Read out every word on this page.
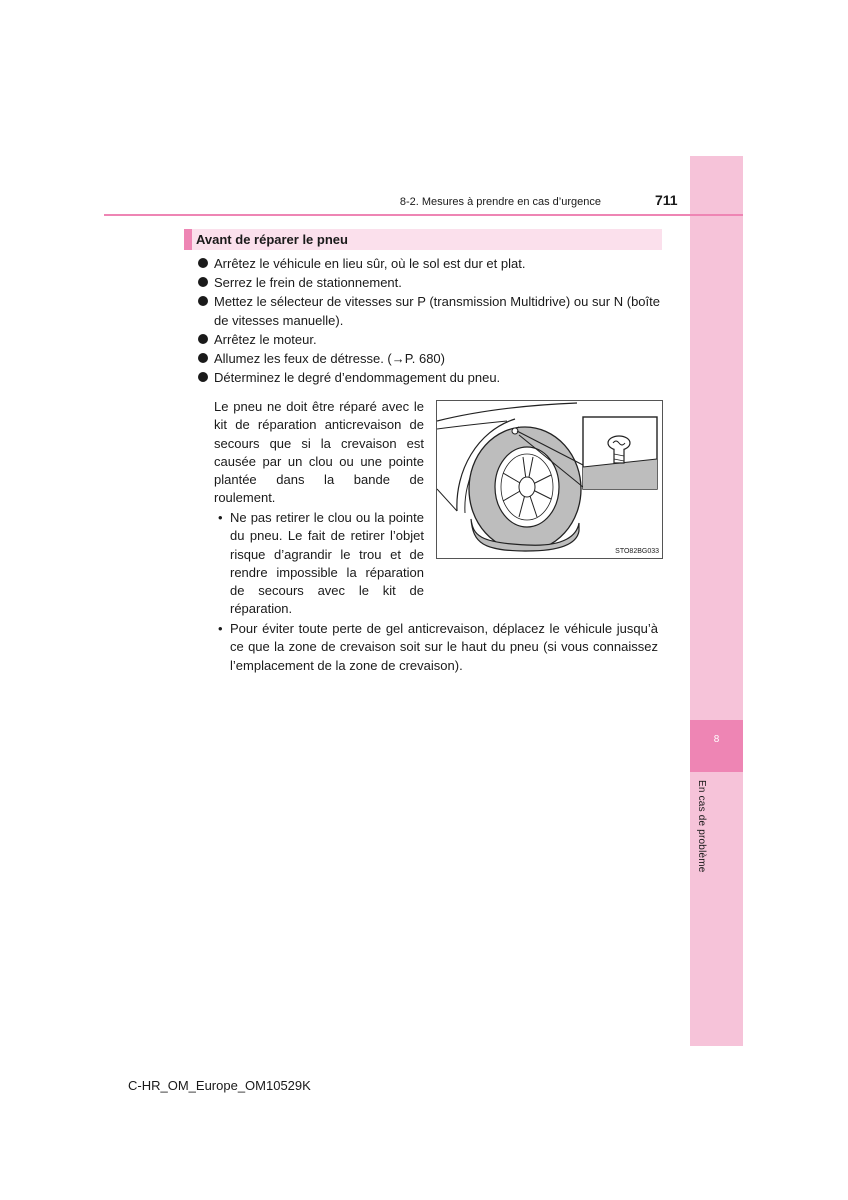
8
En cas de problème
8-2. Mesures à prendre en cas d’urgence	711
Avant de réparer le pneu
Arrêtez le véhicule en lieu sûr, où le sol est dur et plat.
Serrez le frein de stationnement.
Mettez le sélecteur de vitesses sur P (transmission Multidrive) ou sur N (boîte de vitesses manuelle).
Arrêtez le moteur.
Allumez les feux de détresse. (→P. 680)
Déterminez le degré d’endommagement du pneu.

Le pneu ne doit être réparé avec le kit de réparation anticrevaison de secours que si la crevaison est causée par un clou ou une pointe plantée dans la bande de roulement.

• Ne pas retirer le clou ou la pointe du pneu. Le fait de retirer l’objet risque d’agrandir le trou et de rendre impossible la réparation de secours avec le kit de réparation.

• Pour éviter toute perte de gel anticrevaison, déplacez le véhicule jusqu’à ce que la zone de crevaison soit sur le haut du pneu (si vous connaissez l’emplacement de la zone de crevaison).

STO82BG033
C-HR_OM_Europe_OM10529K
